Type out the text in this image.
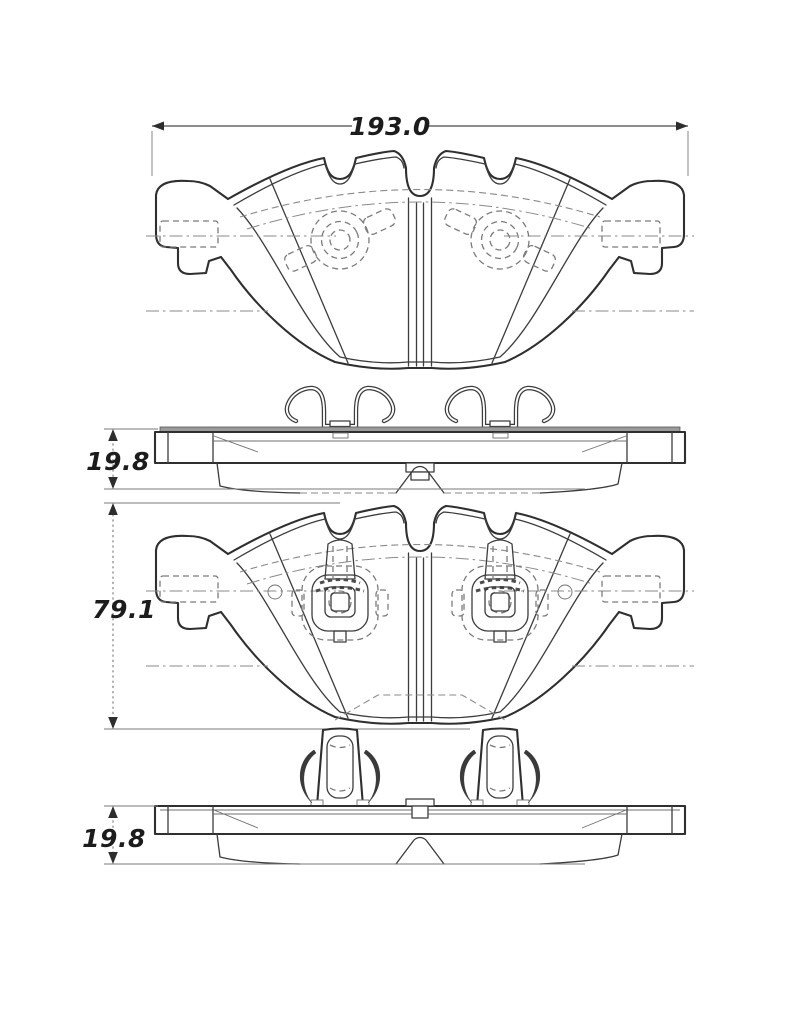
193.0
19.8
79.1
19.8
